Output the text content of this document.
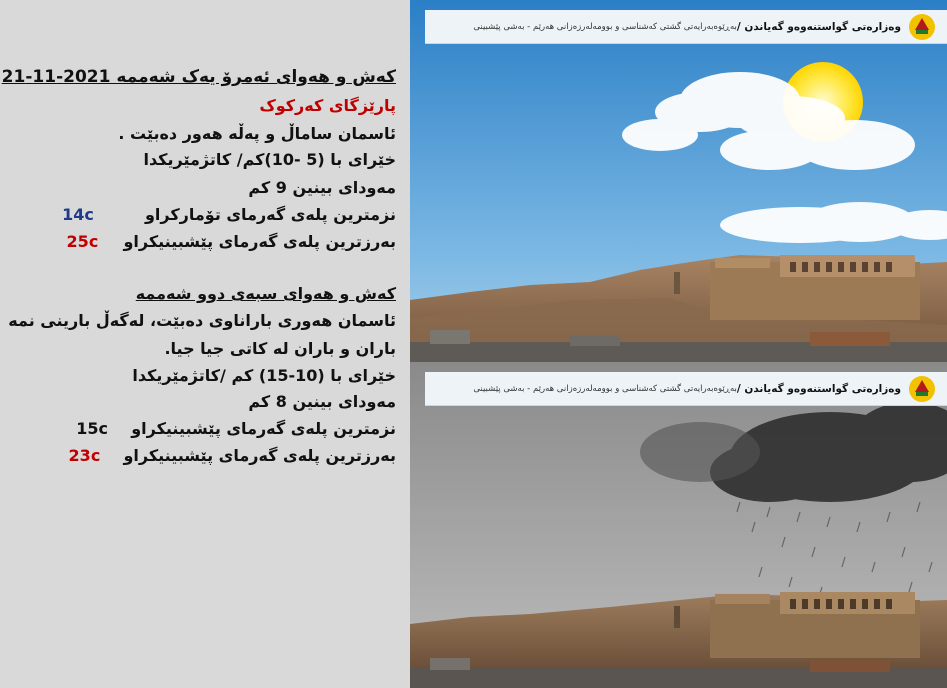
کەش و هەوای ئەمرۆ یەک شەممە 2021-11-21
پارێزگای کەرکوک
ئاسمان ساماڵ و پەڵە هەور دەبێت .
خێرای با (5 -10)کم/ کاتژمێریکدا
مەودای بینین 9 کم
نزمترین پلەی گەرمای تۆمارکراو  14c
بەرزترین پلەی گەرمای پێشبینیکراو  25c
کەش و هەوای سبەی دوو شەممە
ئاسمان هەوری باراناوی دەبێت، لەگەڵ بارینی نمە
باران و باران لە کاتی جیا جیا.
خێرای با (10-15) کم /کاتژمێریکدا
مەودای بینین 8 کم
نزمترین پلەی گەرمای پێشبینیکراو  15c
بەرزترین پلەی گەرمای پێشبینیکراو  23c
وەزارەتی گواستنەوەو گەیاندن /
بەڕێوەبەرایەتی گشتی کەشناسی و بوومەلەرزەزانی هەرێم - بەشی پێشبینی
وەزارەتی گواستنەوەو گەیاندن /
بەڕێوەبەرایەتی گشتی کەشناسی و بوومەلەرزەزانی هەرێم - بەشی پێشبینی
